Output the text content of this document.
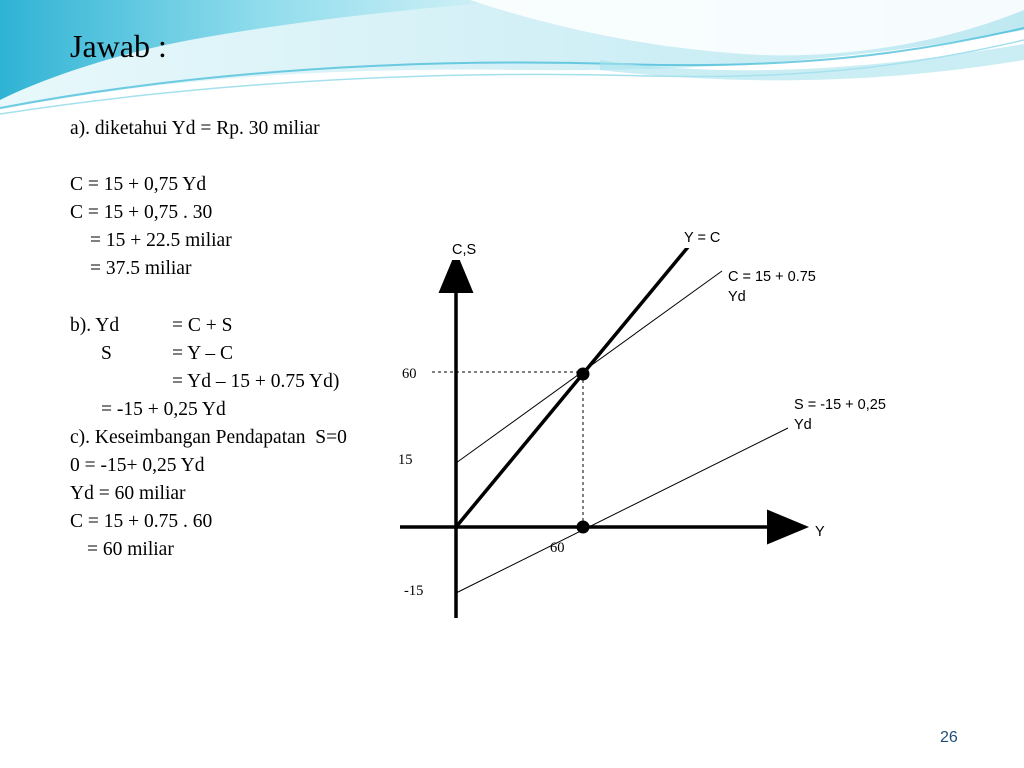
Jawab :
a). diketahui Yd = Rp. 30 miliar
C = 15 + 0,75 Yd
C = 15 + 0,75 . 30
= 15 + 22.5 miliar
= 37.5 miliar
b). Yd	= C + S
S	= Y – C
= Yd – 15 + 0.75 Yd)
= -15 + 0,25 Yd
c). Keseimbangan Pendapatan  S=0
0 = -15+ 0,25 Yd
Yd = 60 miliar
C = 15 + 0.75 . 60
= 60 miliar
C,S
Y
Y = C
C = 15 + 0.75
Yd
S = -15 + 0,25
Yd
60
15
-15
60
26
